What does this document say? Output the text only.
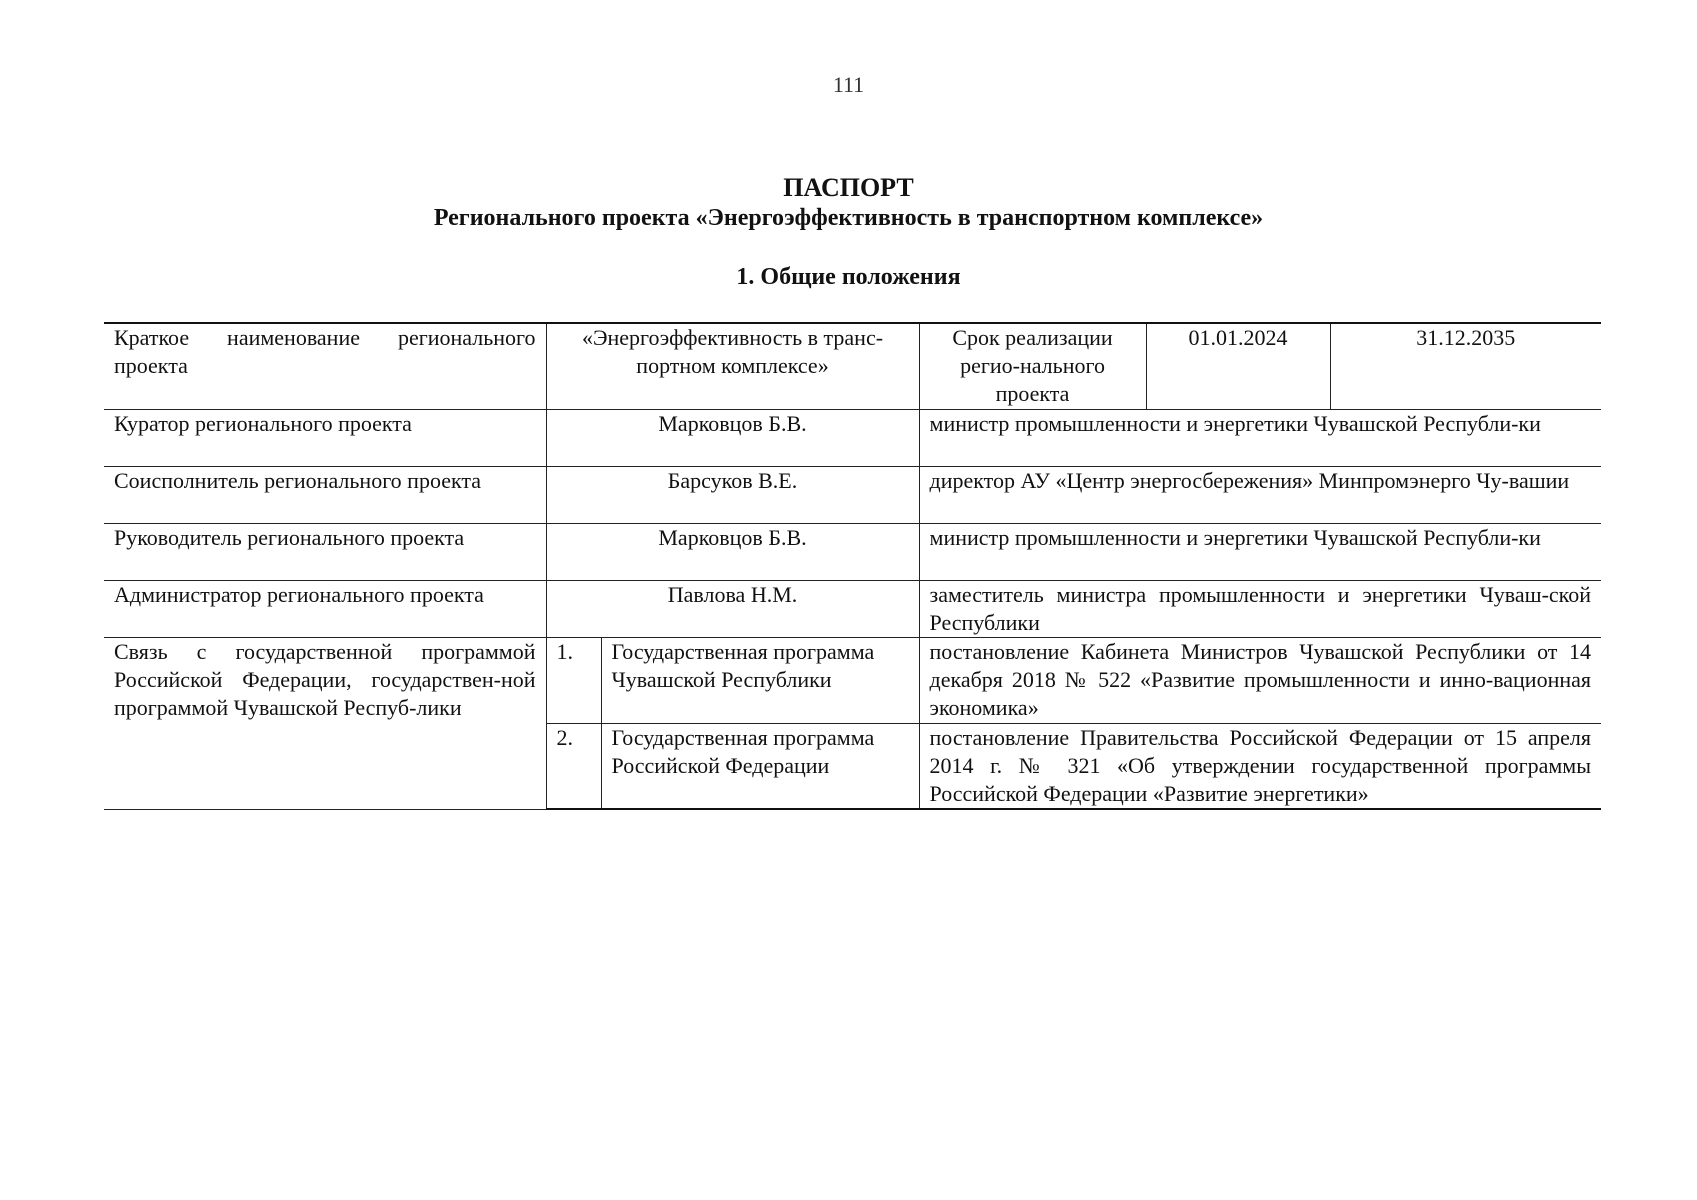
111
ПАСПОРТ
Регионального проекта «Энергоэффективность в транспортном комплексе»
1. Общие положения
Краткое наименование регионального проекта	«Энергоэффективность в транс-портном комплексе»		Срок реализации регио-нального проекта	01.01.2024	31.12.2035
Куратор регионального проекта	Марковцов Б.В.		министр промышленности и энергетики Чувашской Республи-ки		
Соисполнитель регионального проекта	Барсуков В.Е.		директор АУ «Центр энергосбережения» Минпромэнерго Чу-вашии		
Руководитель регионального проекта	Марковцов Б.В.		министр промышленности и энергетики Чувашской Республи-ки		
Администратор регионального проекта	Павлова Н.М.		заместитель министра промышленности и энергетики Чуваш-ской Республики		
Связь с государственной программой Российской Федерации, государствен-ной программой Чувашской Респуб-лики	1.	Государственная программа Чувашской Республики	постановление Кабинета Министров Чувашской Республики от 14 декабря 2018 № 522 «Развитие промышленности и инно-вационная экономика»		
	2.	Государственная программа Российской Федерации	постановление Правительства Российской Федерации от 15 апреля 2014 г. № 321 «Об утверждении государственной программы Российской Федерации «Развитие энергетики»		
